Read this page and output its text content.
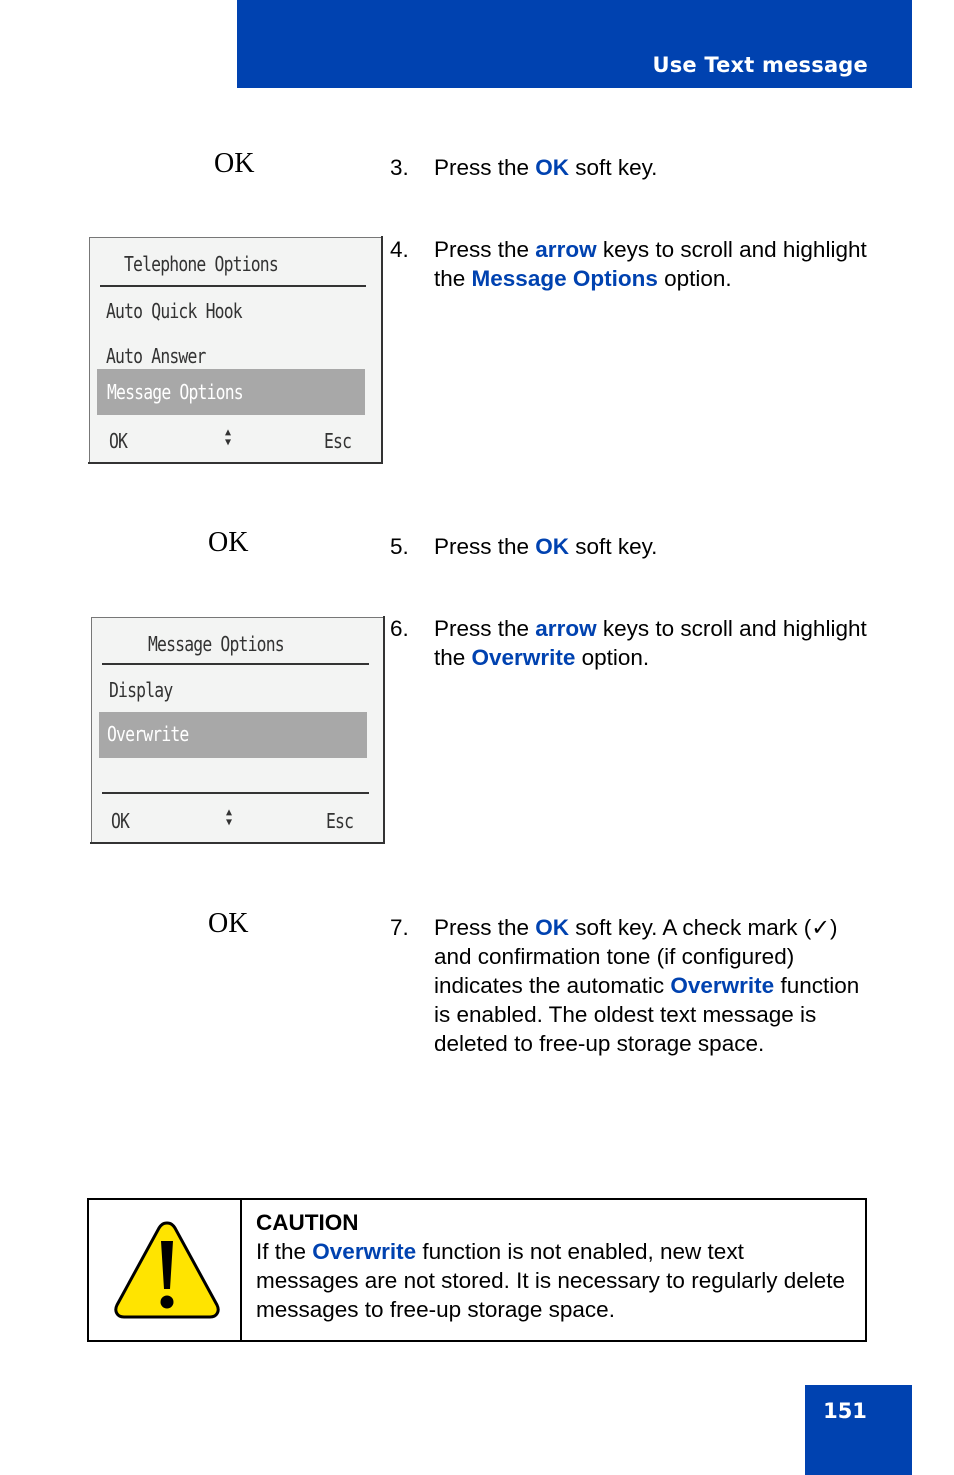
Use Text message
OK
OK
OK
3. Press the OK soft key.
4. Press the arrow keys to scroll and highlight the Message Options option.
5. Press the OK soft key.
6. Press the arrow keys to scroll and highlight the Overwrite option.
7. Press the OK soft key. A check mark (✓) and confirmation tone (if configured) indicates the automatic Overwrite function is enabled. The oldest text message is deleted to free-up storage space.
Telephone Options
Auto Quick Hook
Auto Answer
Message Options
OK	▲
▼	Esc
Message Options
Display
Overwrite
OK	▲
▼	Esc
CAUTION
If the Overwrite function is not enabled, new text messages are not stored. It is necessary to regularly delete messages to free-up storage space.
151
